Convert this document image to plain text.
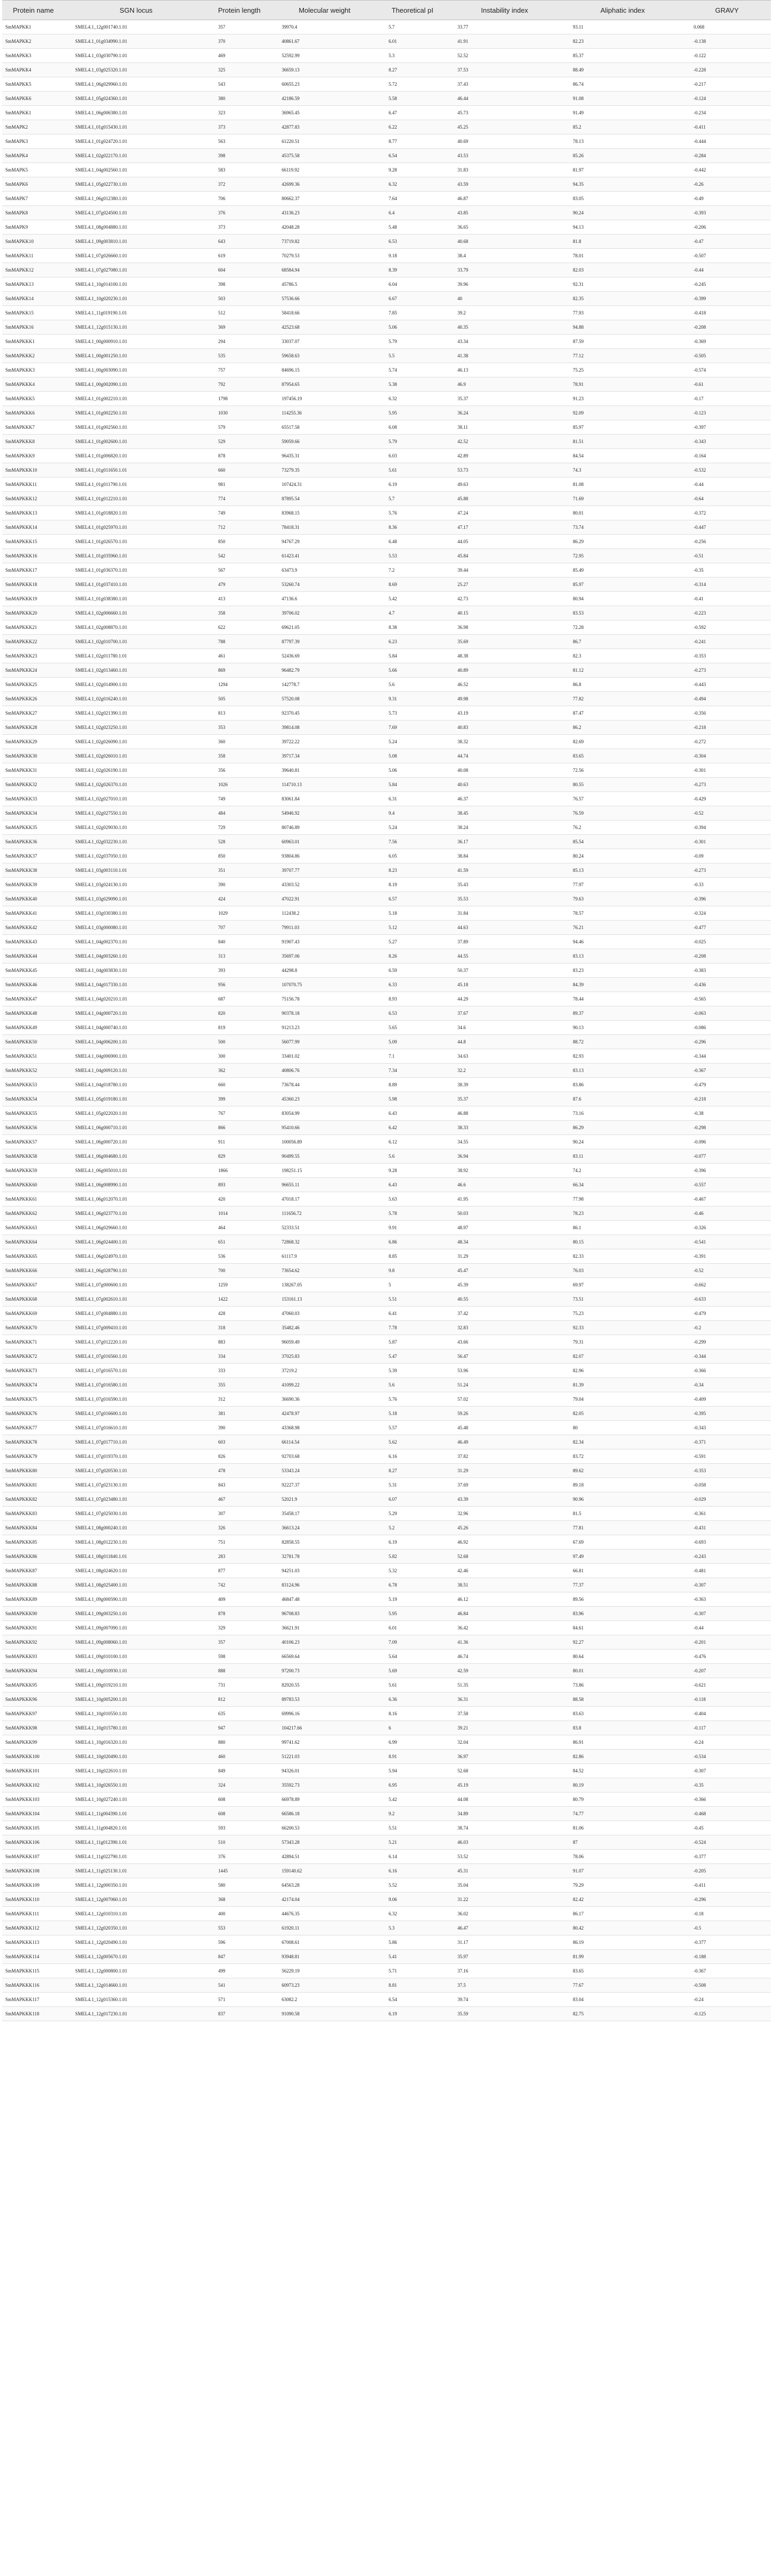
Protein name	SGN locus	Protein length	Molecular weight	Theoretical pI	Instability index	Aliphatic index	GRAVY
SmMAPKK1	SMEL4.1_12g001740.1.01	357	39970.4	5.7	33.77	93.11	0.068
SmMAPKK2	SMEL4.1_01g034990.1.01	370	40861.67	6.01	41.91	82.23	-0.138
SmMAPKK3	SMEL4.1_03g030790.1.01	469	52592.99	5.3	52.52	85.37	-0.122
SmMAPKK4	SMEL4.1_03g025320.1.01	325	36659.13	8.27	37.53	88.49	-0.228
SmMAPKK5	SMEL4.1_06g029960.1.01	543	60655.23	5.72	37.43	86.74	-0.217
SmMAPKK6	SMEL4.1_05g024360.1.01	380	42186.59	5.58	46.44	91.08	-0.124
SmMAPKK1	SMEL4.1_06g006380.1.01	323	36965.45	6.47	45.73	91.49	-0.234
SmMAPK2	SMEL4.1_01g015430.1.01	373	42877.83	6.22	45.25	85.2	-0.411
SmMAPK3	SMEL4.1_01g024720.1.01	563	61220.51	8.77	40.69	78.13	-0.444
SmMAPK4	SMEL4.1_02g022170.1.01	398	45375.58	6.54	43.53	85.26	-0.284
SmMAPK5	SMEL4.1_04g002560.1.01	583	66119.92	9.28	31.83	81.97	-0.442
SmMAPK6	SMEL4.1_05g022730.1.01	372	42699.36	6.32	43.59	94.35	-0.26
SmMAPK7	SMEL4.1_06g012380.1.01	706	80662.37	7.64	46.87	83.05	-0.49
SmMAPK8	SMEL4.1_07g024500.1.01	376	43136.23	6.4	43.85	90.24	-0.393
SmMAPK9	SMEL4.1_08g004880.1.01	373	42048.28	5.48	36.65	94.13	-0.206
SmMAPKK10	SMEL4.1_09g003810.1.01	643	73719.82	6.53	40.68	81.8	-0.47
SmMAPKK11	SMEL4.1_07g026660.1.01	619	70279.53	9.18	38.4	78.01	-0.507
SmMAPKK12	SMEL4.1_07g027080.1.01	604	68584.94	8.39	33.79	82.03	-0.44
SmMAPKK13	SMEL4.1_10g014100.1.01	398	45786.5	6.04	39.96	92.31	-0.245
SmMAPKK14	SMEL4.1_10g020230.1.01	503	57536.66	6.67	40	82.35	-0.399
SmMAPKK15	SMEL4.1_11g019190.1.01	512	58418.66	7.85	39.2	77.93	-0.418
SmMAPKK16	SMEL4.1_12g015130.1.01	369	42523.68	5.06	40.35	94.88	-0.208
SmMAPKKK1	SMEL4.1_00g000910.1.01	294	33037.07	5.79	43.34	87.59	-0.369
SmMAPKKK2	SMEL4.1_00g001250.1.01	535	59658.63	5.5	41.38	77.12	-0.505
SmMAPKKK3	SMEL4.1_00g003090.1.01	757	84696.15	5.74	46.13	75.25	-0.574
SmMAPKKK4	SMEL4.1_00g002090.1.01	792	87954.65	5.38	46.9	78.91	-0.61
SmMAPKKK5	SMEL4.1_01g002210.1.01	1798	197456.19	6.32	35.37	91.23	-0.17
SmMAPKKK6	SMEL4.1_01g002250.1.01	1030	114255.36	5.95	36.24	92.09	-0.123
SmMAPKKK7	SMEL4.1_01g002560.1.01	579	65517.58	6.08	38.11	85.97	-0.397
SmMAPKKK8	SMEL4.1_01g002600.1.01	529	59059.66	5.79	42.52	81.51	-0.343
SmMAPKKK9	SMEL4.1_01g006820.1.01	878	96435.31	6.03	42.89	84.54	-0.164
SmMAPKKK10	SMEL4.1_01g011650.1.01	660	73279.35	5.61	53.73	74.3	-0.532
SmMAPKKK11	SMEL4.1_01g011790.1.01	981	107424.31	6.19	49.63	81.08	-0.44
SmMAPKKK12	SMEL4.1_01g012210.1.01	774	87895.54	5.7	45.88	71.69	-0.64
SmMAPKKK13	SMEL4.1_01g018820.1.01	749	83968.15	5.76	47.24	80.01	-0.372
SmMAPKKK14	SMEL4.1_01g025970.1.01	712	78418.31	8.36	47.17	73.74	-0.447
SmMAPKKK15	SMEL4.1_01g026570.1.01	850	94767.29	6.48	44.05	86.29	-0.256
SmMAPKKK16	SMEL4.1_01g035960.1.01	542	61423.41	5.53	45.84	72.95	-0.51
SmMAPKKK17	SMEL4.1_01g036370.1.01	567	63473.9	7.2	39.44	85.49	-0.35
SmMAPKKK18	SMEL4.1_01g037410.1.01	479	53260.74	8.69	25.27	85.97	-0.314
SmMAPKKK19	SMEL4.1_01g038380.1.01	413	47136.6	5.42	42.73	80.94	-0.41
SmMAPKKK20	SMEL4.1_02g006660.1.01	358	39706.02	4.7	40.15	83.53	-0.223
SmMAPKKK21	SMEL4.1_02g008870.1.01	622	69621.05	8.38	36.98	72.28	-0.592
SmMAPKKK22	SMEL4.1_02g010700.1.01	788	87797.39	6.23	35.69	86.7	-0.241
SmMAPKKK23	SMEL4.1_02g011780.1.01	461	52436.69	5.84	48.38	82.3	-0.353
SmMAPKKK24	SMEL4.1_02g013460.1.01	869	96482.79	5.66	40.89	81.12	-0.273
SmMAPKKK25	SMEL4.1_02g014900.1.01	1294	142778.7	5.6	46.52	86.8	-0.443
SmMAPKKK26	SMEL4.1_02g016240.1.01	505	57520.08	9.31	49.98	77.82	-0.494
SmMAPKKK27	SMEL4.1_02g021390.1.01	813	92370.45	5.73	43.19	87.47	-0.356
SmMAPKKK28	SMEL4.1_02g023250.1.01	353	39814.08	7.69	40.83	86.2	-0.218
SmMAPKKK29	SMEL4.1_02g026090.1.01	360	39722.22	5.24	38.32	82.69	-0.272
SmMAPKKK30	SMEL4.1_02g026010.1.01	358	39717.34	5.08	44.74	83.65	-0.304
SmMAPKKK31	SMEL4.1_02g026190.1.01	356	39640.81	5.06	40.08	72.56	-0.301
SmMAPKKK32	SMEL4.1_02g026370.1.01	1026	114710.13	5.84	40.63	80.55	-0.273
SmMAPKKK33	SMEL4.1_02g027010.1.01	749	83061.84	6.31	46.37	76.57	-0.429
SmMAPKKK34	SMEL4.1_02g027550.1.01	484	54946.92	9.4	38.45	76.59	-0.52
SmMAPKKK35	SMEL4.1_02g029030.1.01	729	80746.89	5.24	38.24	76.2	-0.394
SmMAPKKK36	SMEL4.1_02g032230.1.01	528	60963.01	7.56	36.17	85.54	-0.301
SmMAPKKK37	SMEL4.1_02g037050.1.01	850	93804.86	6.05	38.84	80.24	-0.09
SmMAPKKK38	SMEL4.1_03g003110.1.01	351	39707.77	8.23	41.59	85.13	-0.273
SmMAPKKK39	SMEL4.1_03g024130.1.01	390	43303.52	8.19	35.43	77.97	-0.33
SmMAPKKK40	SMEL4.1_03g029090.1.01	424	47022.91	6.57	35.53	79.63	-0.396
SmMAPKKK41	SMEL4.1_03g030380.1.01	1029	112438.2	5.18	31.84	78.57	-0.324
SmMAPKKK42	SMEL4.1_03g000080.1.01	707	79911.03	5.12	44.63	76.21	-0.477
SmMAPKKK43	SMEL4.1_04g002370.1.01	840	91907.43	5.27	37.89	94.46	-0.025
SmMAPKKK44	SMEL4.1_04g003260.1.01	313	35697.06	8.26	44.55	83.13	-0.208
SmMAPKKK45	SMEL4.1_04g003830.1.01	393	44298.8	6.59	50.37	83.23	-0.383
SmMAPKKK46	SMEL4.1_04g017330.1.01	956	107070.75	6.33	45.18	84.39	-0.436
SmMAPKKK47	SMEL4.1_04g020210.1.01	687	75156.78	8.93	44.29	78.44	-0.565
SmMAPKKK48	SMEL4.1_04g000720.1.01	820	90378.18	6.53	37.67	89.37	-0.063
SmMAPKKK49	SMEL4.1_04g000740.1.01	819	91213.23	5.65	34.6	90.13	-0.086
SmMAPKKK50	SMEL4.1_04g006200.1.01	500	56077.99	5.09	44.8	88.72	-0.296
SmMAPKKK51	SMEL4.1_04g006900.1.01	300	33401.02	7.1	34.63	82.93	-0.344
SmMAPKKK52	SMEL4.1_04g009120.1.01	362	40806.76	7.34	32.2	83.13	-0.367
SmMAPKKK53	SMEL4.1_04g018780.1.01	660	73678.44	8.89	38.39	83.86	-0.479
SmMAPKKK54	SMEL4.1_05g019180.1.01	399	45360.23	5.98	35.37	87.6	-0.218
SmMAPKKK55	SMEL4.1_05g022020.1.01	767	83054.99	6.43	46.88	73.16	-0.38
SmMAPKKK56	SMEL4.1_06g000710.1.01	866	95410.66	6.42	38.33	86.29	-0.298
SmMAPKKK57	SMEL4.1_06g000720.1.01	911	100056.89	6.12	34.55	90.24	-0.096
SmMAPKKK58	SMEL4.1_06g004680.1.01	829	90499.55	5.6	36.94	83.11	-0.077
SmMAPKKK59	SMEL4.1_06g005010.1.01	1866	198251.15	9.28	38.92	74.2	-0.396
SmMAPKKK60	SMEL4.1_06g008990.1.01	893	96655.11	6.43	46.6	66.34	-0.557
SmMAPKKK61	SMEL4.1_06g012070.1.01	420	47018.17	5.63	41.95	77.98	-0.467
SmMAPKKK62	SMEL4.1_06g023770.1.01	1014	111656.72	5.78	50.03	78.23	-0.46
SmMAPKKK63	SMEL4.1_06g029660.1.01	464	52333.51	9.91	48.97	86.1	-0.326
SmMAPKKK64	SMEL4.1_06g024400.1.01	651	72868.32	6.86	48.34	80.15	-0.541
SmMAPKKK65	SMEL4.1_06g024970.1.01	536	61117.9	8.85	31.29	82.33	-0.391
SmMAPKKK66	SMEL4.1_06g028790.1.01	700	73654.62	9.8	45.47	76.03	-0.52
SmMAPKKK67	SMEL4.1_07g000600.1.01	1259	138267.05	5	45.39	69.97	-0.662
SmMAPKKK68	SMEL4.1_07g002610.1.01	1422	153161.13	5.51	40.55	73.51	-0.633
SmMAPKKK69	SMEL4.1_07g004880.1.01	428	47060.03	6.41	37.42	75.23	-0.479
SmMAPKKK70	SMEL4.1_07g009410.1.01	318	35482.46	7.78	32.83	92.33	-0.2
SmMAPKKK71	SMEL4.1_07g012220.1.01	883	96059.49	5.87	43.66	79.31	-0.299
SmMAPKKK72	SMEL4.1_07g016560.1.01	334	37025.83	5.47	56.47	82.07	-0.344
SmMAPKKK73	SMEL4.1_07g016570.1.01	333	37219.2	5.39	53.96	82.96	-0.366
SmMAPKKK74	SMEL4.1_07g016580.1.01	355	41099.22	5.6	51.24	81.39	-0.34
SmMAPKKK75	SMEL4.1_07g016590.1.01	312	36690.36	5.76	57.02	79.04	-0.409
SmMAPKKK76	SMEL4.1_07g016600.1.01	381	42478.97	5.18	59.26	82.05	-0.395
SmMAPKKK77	SMEL4.1_07g016610.1.01	390	43368.98	5.57	45.48	80	-0.343
SmMAPKKK78	SMEL4.1_07g017710.1.01	603	66114.54	5.62	46.49	82.34	-0.371
SmMAPKKK79	SMEL4.1_07g019370.1.01	826	92703.68	6.16	37.82	83.72	-0.591
SmMAPKKK80	SMEL4.1_07g020530.1.01	478	53343.24	8.27	31.29	89.62	-0.353
SmMAPKKK81	SMEL4.1_07g023130.1.01	843	92227.37	5.31	37.69	89.18	-0.058
SmMAPKKK82	SMEL4.1_07g023480.1.01	467	52021.9	6.07	43.39	90.96	-0.029
SmMAPKKK83	SMEL4.1_07g025030.1.01	307	35458.17	5.29	32.96	81.5	-0.361
SmMAPKKK84	SMEL4.1_08g000240.1.01	326	36613.24	5.2	45.26	77.81	-0.431
SmMAPKKK85	SMEL4.1_08g012230.1.01	751	82858.55	6.19	46.92	67.69	-0.693
SmMAPKKK86	SMEL4.1_08g011840.1.01	283	32781.78	5.82	52.68	97.49	-0.243
SmMAPKKK87	SMEL4.1_08g024620.1.01	877	94251.03	5.32	42.46	66.81	-0.481
SmMAPKKK88	SMEL4.1_08g025400.1.01	742	83124.96	6.78	38.51	77.37	-0.307
SmMAPKKK89	SMEL4.1_09g000590.1.01	409	46847.48	5.19	46.12	89.56	-0.363
SmMAPKKK90	SMEL4.1_09g003250.1.01	878	96708.83	5.95	46.84	83.96	-0.307
SmMAPKKK91	SMEL4.1_09g007090.1.01	329	36621.91	6.01	36.42	84.61	-0.44
SmMAPKKK92	SMEL4.1_09g008060.1.01	357	40106.23	7.09	41.36	92.27	-0.201
SmMAPKKK93	SMEL4.1_09g010100.1.01	598	66569.64	5.64	46.74	80.64	-0.476
SmMAPKKK94	SMEL4.1_09g010930.1.01	888	97200.73	5.69	42.59	80.01	-0.207
SmMAPKKK95	SMEL4.1_09g019210.1.01	731	82920.55	5.61	51.35	73.86	-0.621
SmMAPKKK96	SMEL4.1_10g005200.1.01	812	89783.53	6.36	36.31	88.58	-0.118
SmMAPKKK97	SMEL4.1_10g010550.1.01	635	69996.16	8.16	37.58	83.63	-0.404
SmMAPKKK98	SMEL4.1_10g015780.1.01	947	104217.66	6	39.21	83.8	-0.117
SmMAPKKK99	SMEL4.1_10g016320.1.01	880	99741.62	6.99	32.04	86.91	-0.24
SmMAPKKK100	SMEL4.1_10g020490.1.01	460	51221.03	8.91	36.97	82.86	-0.534
SmMAPKKK101	SMEL4.1_10g022610.1.01	849	94326.01	5.94	52.68	84.52	-0.307
SmMAPKKK102	SMEL4.1_10g026550.1.01	324	35592.73	6.95	45.19	80.19	-0.35
SmMAPKKK103	SMEL4.1_10g027240.1.01	608	66978.89	5.42	44.08	80.79	-0.366
SmMAPKKK104	SMEL4.1_11g004390.1.01	608	66586.18	9.2	34.89	74.77	-0.468
SmMAPKKK105	SMEL4.1_11g004820.1.01	593	66200.53	5.51	38.74	81.06	-0.45
SmMAPKKK106	SMEL4.1_11g012390.1.01	510	57343.28	5.21	46.03	87	-0.524
SmMAPKKK107	SMEL4.1_11g022790.1.01	376	42894.51	6.14	53.52	78.06	-0.377
SmMAPKKK108	SMEL4.1_11g025130.1.01	1445	159140.62	6.16	45.31	91.07	-0.205
SmMAPKKK109	SMEL4.1_12g000350.1.01	580	64563.28	5.52	35.04	79.29	-0.411
SmMAPKKK110	SMEL4.1_12g007060.1.01	368	42174.04	9.06	31.22	82.42	-0.296
SmMAPKKK111	SMEL4.1_12g010310.1.01	400	44676.35	6.32	36.02	86.17	-0.18
SmMAPKKK112	SMEL4.1_12g020350.1.01	553	61920.11	5.3	46.47	80.42	-0.5
SmMAPKKK113	SMEL4.1_12g020490.1.01	596	67008.61	5.86	31.17	86.19	-0.377
SmMAPKKK114	SMEL4.1_12g005670.1.01	847	93948.81	5.41	35.97	81.99	-0.188
SmMAPKKK115	SMEL4.1_12g000800.1.01	499	56229.19	5.71	37.16	83.65	-0.367
SmMAPKKK116	SMEL4.1_12g014660.1.01	541	60973.23	8.81	37.5	77.67	-0.508
SmMAPKKK117	SMEL4.1_12g015360.1.01	571	63082.2	6.54	39.74	83.04	-0.24
SmMAPKKK118	SMEL4.1_12g017230.1.01	837	91090.58	6.19	35.59	82.75	-0.125
